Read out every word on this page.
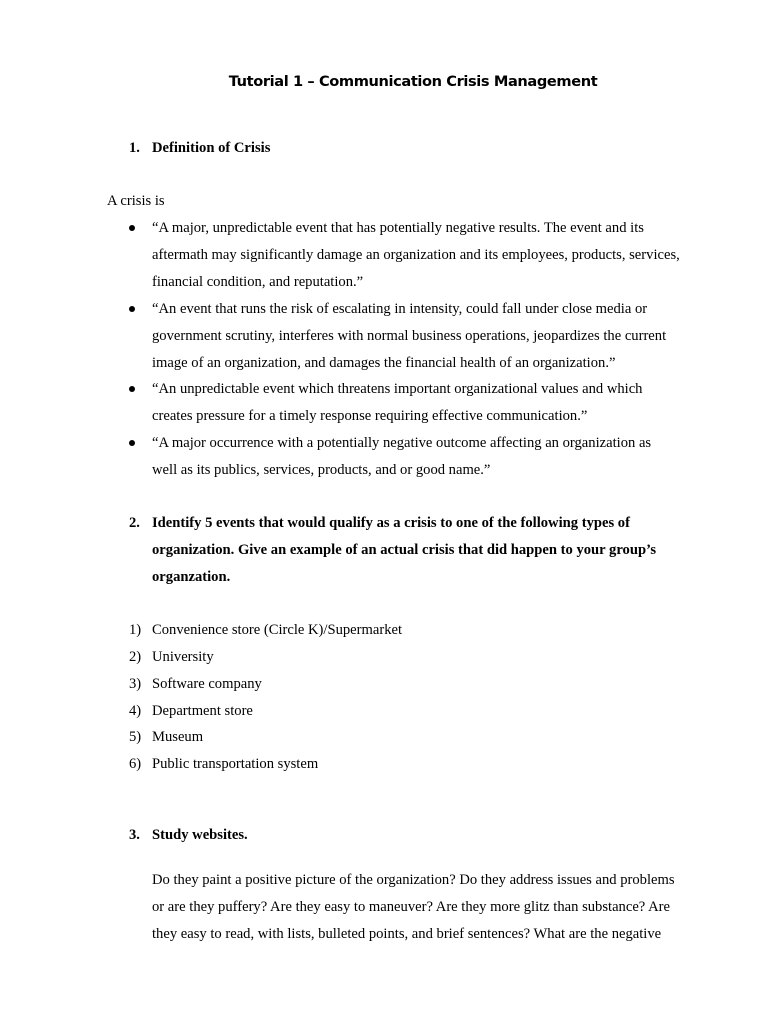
Tutorial 1 – Communication Crisis Management
1. Definition of Crisis
A crisis is
“A major, unpredictable event that has potentially negative results. The event and its
aftermath may significantly damage an organization and its employees, products, services,
financial condition, and reputation.”
“An event that runs the risk of escalating in intensity, could fall under close media or
government scrutiny, interferes with normal business operations, jeopardizes the current
image of an organization, and damages the financial health of an organization.”
“An unpredictable event which threatens important organizational values and which
creates pressure for a timely response requiring effective communication.”
“A major occurrence with a potentially negative outcome affecting an organization as
well as its publics, services, products, and or good name.”
2. Identify 5 events that would qualify as a crisis to one of the following types of
organization. Give an example of an actual crisis that did happen to your group’s
organzation.
1) Convenience store (Circle K)/Supermarket
2) University
3) Software company
4) Department store
5) Museum
6) Public transportation system
3. Study websites.
Do they paint a positive picture of the organization? Do they address issues and problems
or are they puffery? Are they easy to maneuver? Are they more glitz than substance? Are
they easy to read, with lists, bulleted points, and brief sentences? What are the negative
